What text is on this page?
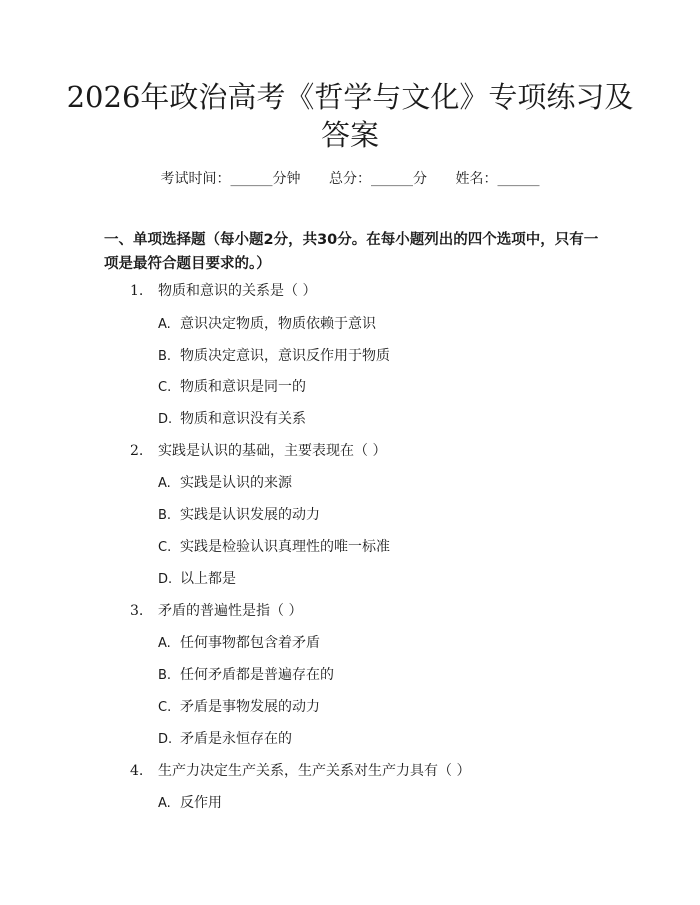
2026年政治高考《哲学与文化》专项练习及答案
考试时间：______分钟 总分：______分 姓名：______
一、单项选择题（每小题2分，共30分。在每小题列出的四个选项中，只有一项是最符合题目要求的。）
1. 物质和意识的关系是（ ）
A. 意识决定物质，物质依赖于意识
B. 物质决定意识，意识反作用于物质
C. 物质和意识是同一的
D. 物质和意识没有关系
2. 实践是认识的基础，主要表现在（ ）
A. 实践是认识的来源
B. 实践是认识发展的动力
C. 实践是检验认识真理性的唯一标准
D. 以上都是
3. 矛盾的普遍性是指（ ）
A. 任何事物都包含着矛盾
B. 任何矛盾都是普遍存在的
C. 矛盾是事物发展的动力
D. 矛盾是永恒存在的
4. 生产力决定生产关系，生产关系对生产力具有（ ）
A. 反作用
